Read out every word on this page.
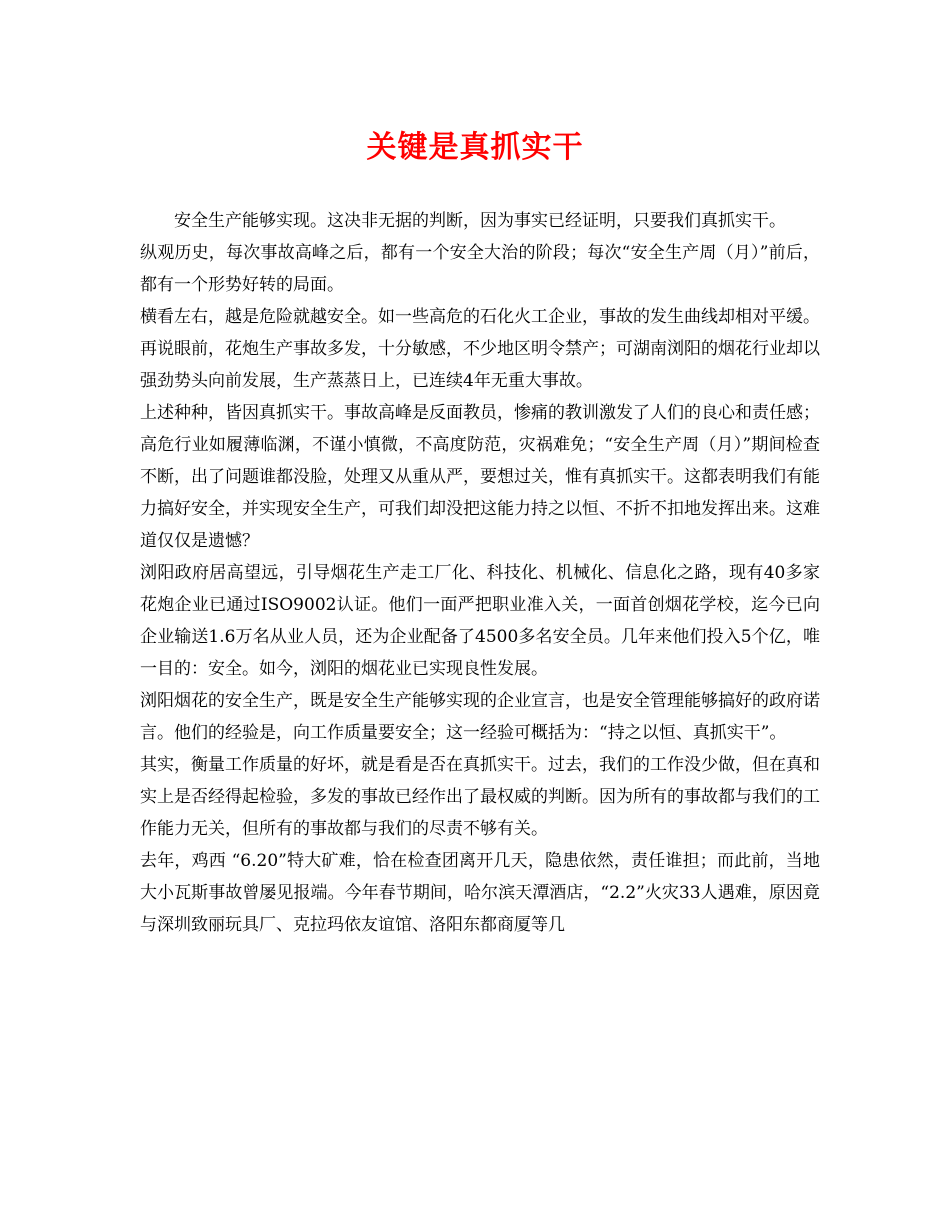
关键是真抓实干

安全生产能够实现。这决非无据的判断，因为事实已经证明，只要我们真抓实干。

纵观历史，每次事故高峰之后，都有一个安全大治的阶段；每次“安全生产周（月）”前后，都有一个形势好转的局面。

横看左右，越是危险就越安全。如一些高危的石化火工企业，事故的发生曲线却相对平缓。再说眼前，花炮生产事故多发，十分敏感，不少地区明令禁产；可湖南浏阳的烟花行业却以强劲势头向前发展，生产蒸蒸日上，已连续4年无重大事故。

上述种种，皆因真抓实干。事故高峰是反面教员，惨痛的教训激发了人们的良心和责任感；高危行业如履薄临渊，不谨小慎微，不高度防范，灾祸难免；“安全生产周（月）”期间检查不断，出了问题谁都没脸，处理又从重从严，要想过关，惟有真抓实干。这都表明我们有能力搞好安全，并实现安全生产，可我们却没把这能力持之以恒、不折不扣地发挥出来。这难道仅仅是遗憾？

浏阳政府居高望远，引导烟花生产走工厂化、科技化、机械化、信息化之路，现有40多家花炮企业已通过ISO9002认证。他们一面严把职业准入关，一面首创烟花学校，迄今已向企业输送1.6万名从业人员，还为企业配备了4500多名安全员。几年来他们投入5个亿，唯一目的：安全。如今，浏阳的烟花业已实现良性发展。

浏阳烟花的安全生产，既是安全生产能够实现的企业宣言，也是安全管理能够搞好的政府诺言。他们的经验是，向工作质量要安全；这一经验可概括为：“持之以恒、真抓实干”。

其实，衡量工作质量的好坏，就是看是否在真抓实干。过去，我们的工作没少做，但在真和实上是否经得起检验，多发的事故已经作出了最权威的判断。因为所有的事故都与我们的工作能力无关，但所有的事故都与我们的尽责不够有关。

去年，鸡西 “6.20”特大矿难，恰在检查团离开几天，隐患依然，责任谁担；而此前，当地大小瓦斯事故曾屡见报端。今年春节期间，哈尔滨天潭酒店，“2.2”火灾33人遇难，原因竟与深圳致丽玩具厂、克拉玛依友谊馆、洛阳东都商厦等几
